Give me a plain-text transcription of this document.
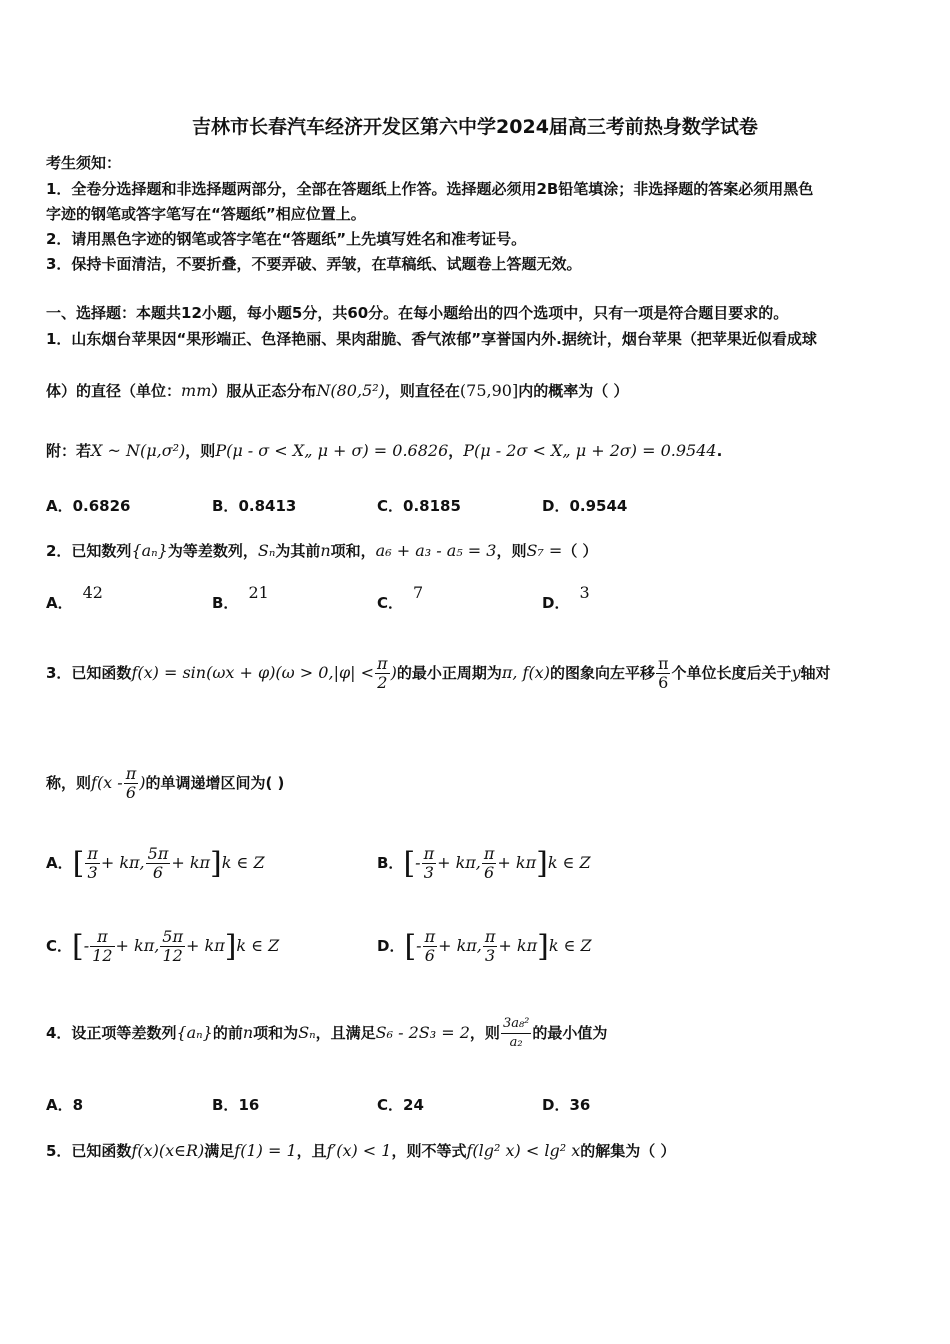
吉林市长春汽车经济开发区第六中学2024届高三考前热身数学试卷
考生须知：
1．全卷分选择题和非选择题两部分，全部在答题纸上作答。选择题必须用2B铅笔填涂；非选择题的答案必须用黑色
字迹的钢笔或答字笔写在“答题纸”相应位置上。
2．请用黑色字迹的钢笔或答字笔在“答题纸”上先填写姓名和准考证号。
3．保持卡面清洁，不要折叠，不要弄破、弄皱，在草稿纸、试题卷上答题无效。
一、选择题：本题共12小题，每小题5分，共60分。在每小题给出的四个选项中，只有一项是符合题目要求的。
1．山东烟台苹果因“果形端正、色泽艳丽、果肉甜脆、香气浓郁”享誉国内外.据统计，烟台苹果（把苹果近似看成球
体）的直径（单位：mm）服从正态分布N(80,5²)，则直径在(75,90]内的概率为（ ）
附：若X ~ N(μ,σ²)，则P(μ - σ < X„ μ + σ) = 0.6826，P(μ - 2σ < X„ μ + 2σ) = 0.9544.
A．0.6826	B．0.8413	C．0.8185	D．0.9544
2．已知数列{aₙ}为等差数列，Sₙ为其前n项和，a₆ + a₃ - a₅ = 3，则S₇ =（ ）
A．42
B．21
C．7
D．3
3．已知函数$f(x) = \sin(\omega x + \varphi)(\omega > 0,|\varphi| < \frac{\pi}{2}$ )的最小正周期为π, f(x)的图象向左平移 $\frac{\pi}{6}$ 个单位长度后关于y轴对
称，则$f(x - \frac{\pi}{6}$ )的单调递增区间为( )
A．[ $\frac{\pi}{3} + k\pi$, $\frac{5\pi}{6} + k\pi]k$ ∈ Z	B．[- $\frac{\pi}{3} + k\pi$, $\frac{\pi}{6} + k\pi]k$ ∈ Z
C．[- $\frac{\pi}{12} + k\pi$, $\frac{5\pi}{12} + k\pi]k$ ∈ Z	D．[- $\frac{\pi}{6} + k\pi$, $\frac{\pi}{3} + k\pi]k$ ∈ Z
4．设正项等差数列{aₙ}的前n项和为Sₙ，且满足S₆ - 2S₃ = 2，则 $\frac{\text{3a₈²}}{\text{a₂}}$ 的最小值为
A．8	B．16	C．24	D．36
5．已知函数f(x)(x∈R)满足f(1) = 1，且f′(x) < 1，则不等式f(lg² x) < lg² x的解集为（ ）
